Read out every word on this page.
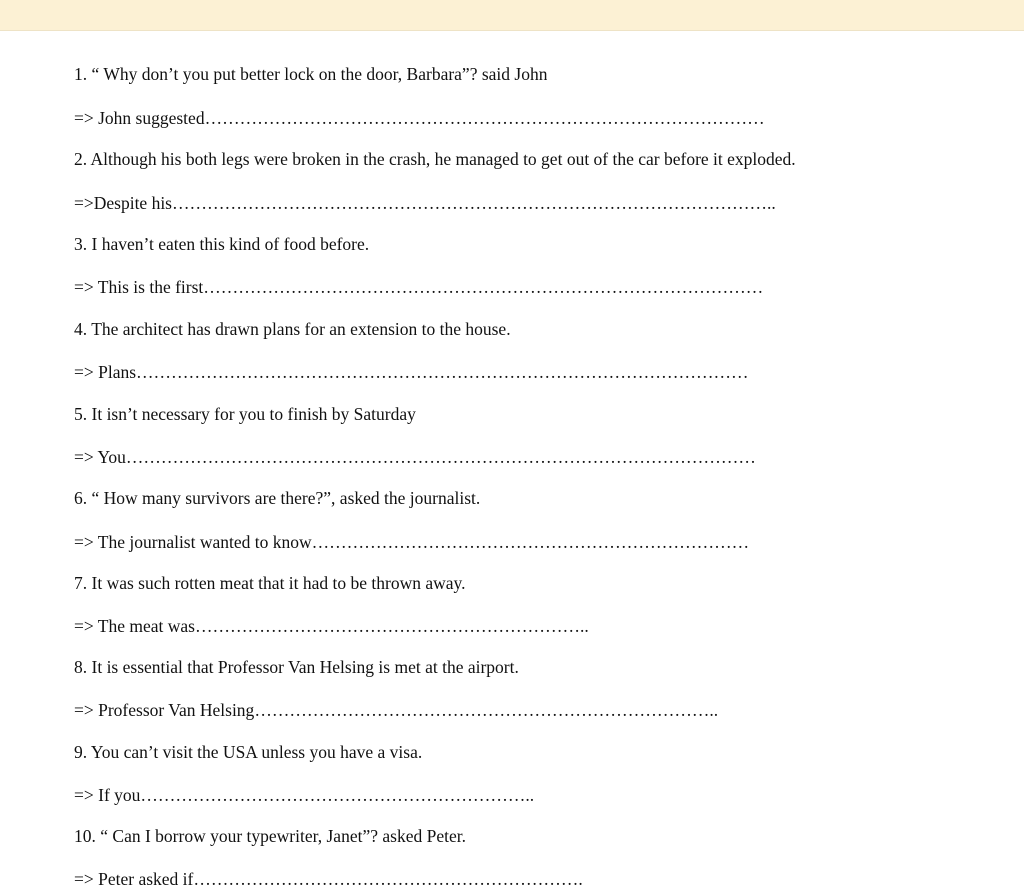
1. “ Why don’t you put better lock on the door, Barbara”? said John
=> John suggested……………………………………………………………………………………
2. Although his both legs were broken in the crash, he managed to get out of the car before it exploded.
=>Despite his…………………………………………………………………………………………..
3. I haven’t eaten this kind of food before.
=> This is the first……………………………………………………………………………………
4. The architect has drawn plans for an extension to the house.
=> Plans……………………………………………………………………………………………
5. It isn’t necessary for you to finish by Saturday
=> You………………………………………………………………………………………………
6. “ How many survivors are there?”, asked the journalist.
=> The journalist wanted to know…………………………………………………………………
7. It was such rotten meat that it had to be thrown away.
=> The meat was…………………………………………………………..
8. It is essential that Professor Van Helsing is met at the airport.
=> Professor Van Helsing……………………………………………………………………..
9. You can’t visit the USA unless you have a visa.
=> If you…………………………………………………………..
10. “ Can I borrow your typewriter, Janet”? asked Peter.
=> Peter asked if………………………………………………………….
